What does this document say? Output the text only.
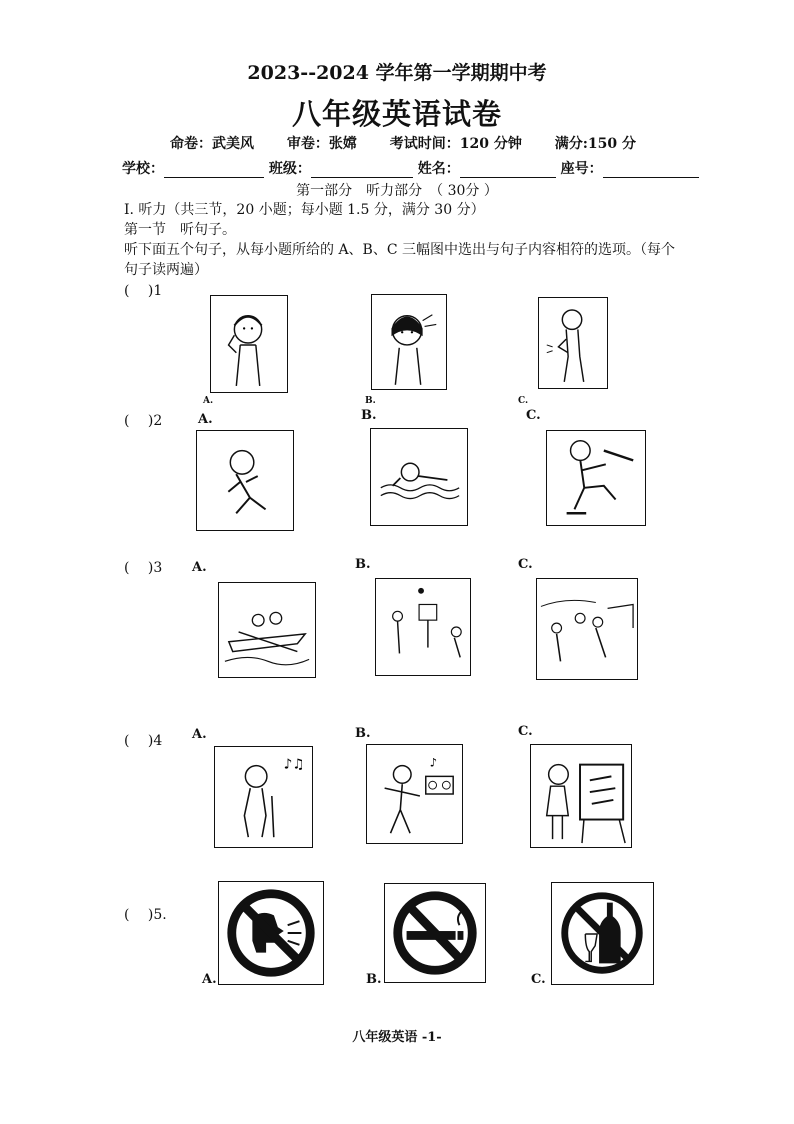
2023--2024 学年第一学期期中考
八年级英语试卷
命卷：武美风 审卷：张嫦 考试时间：120 分钟 满分:150 分
学校：	班级：	姓名：	座号：
第一部分　听力部分　（ 30分 ）
I. 听力（共三节，20 小题；每小题 1.5 分，满分 30 分）
第一节　听句子。
听下面五个句子，从每小题所给的 A、B、C 三幅图中选出与句子内容相符的选项。（每个
句子读两遍）
(　 )1
A.	B.	C.
(　 )2	A.	B.	C.
(　 )3 A.	B.	C.
(　 )4 A.	B.	C.
♪♫	♪
(　 )5.
A.	B.	C.
八年级英语 -1-
